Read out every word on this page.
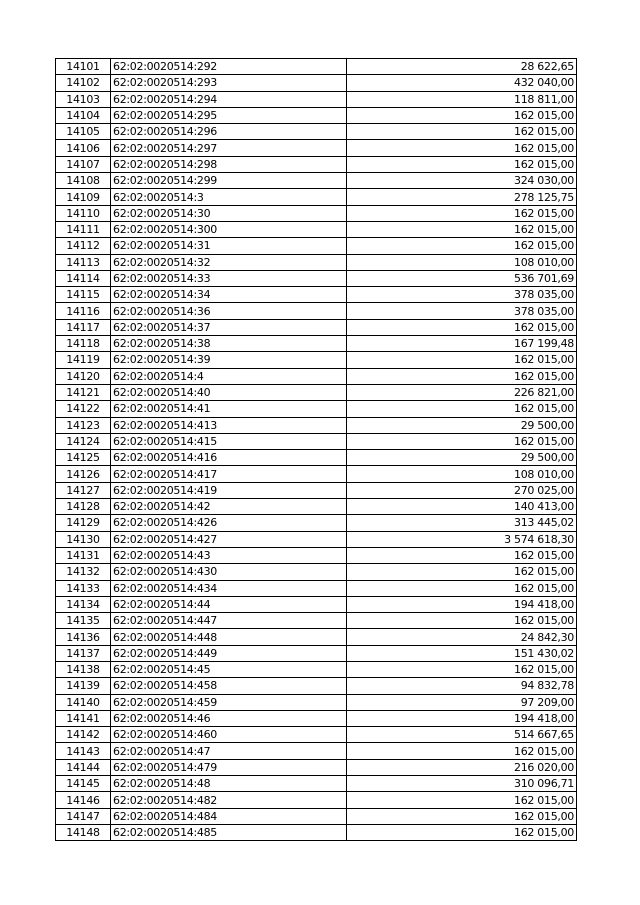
14101	62:02:0020514:292	28 622,65
14102	62:02:0020514:293	432 040,00
14103	62:02:0020514:294	118 811,00
14104	62:02:0020514:295	162 015,00
14105	62:02:0020514:296	162 015,00
14106	62:02:0020514:297	162 015,00
14107	62:02:0020514:298	162 015,00
14108	62:02:0020514:299	324 030,00
14109	62:02:0020514:3	278 125,75
14110	62:02:0020514:30	162 015,00
14111	62:02:0020514:300	162 015,00
14112	62:02:0020514:31	162 015,00
14113	62:02:0020514:32	108 010,00
14114	62:02:0020514:33	536 701,69
14115	62:02:0020514:34	378 035,00
14116	62:02:0020514:36	378 035,00
14117	62:02:0020514:37	162 015,00
14118	62:02:0020514:38	167 199,48
14119	62:02:0020514:39	162 015,00
14120	62:02:0020514:4	162 015,00
14121	62:02:0020514:40	226 821,00
14122	62:02:0020514:41	162 015,00
14123	62:02:0020514:413	29 500,00
14124	62:02:0020514:415	162 015,00
14125	62:02:0020514:416	29 500,00
14126	62:02:0020514:417	108 010,00
14127	62:02:0020514:419	270 025,00
14128	62:02:0020514:42	140 413,00
14129	62:02:0020514:426	313 445,02
14130	62:02:0020514:427	3 574 618,30
14131	62:02:0020514:43	162 015,00
14132	62:02:0020514:430	162 015,00
14133	62:02:0020514:434	162 015,00
14134	62:02:0020514:44	194 418,00
14135	62:02:0020514:447	162 015,00
14136	62:02:0020514:448	24 842,30
14137	62:02:0020514:449	151 430,02
14138	62:02:0020514:45	162 015,00
14139	62:02:0020514:458	94 832,78
14140	62:02:0020514:459	97 209,00
14141	62:02:0020514:46	194 418,00
14142	62:02:0020514:460	514 667,65
14143	62:02:0020514:47	162 015,00
14144	62:02:0020514:479	216 020,00
14145	62:02:0020514:48	310 096,71
14146	62:02:0020514:482	162 015,00
14147	62:02:0020514:484	162 015,00
14148	62:02:0020514:485	162 015,00
